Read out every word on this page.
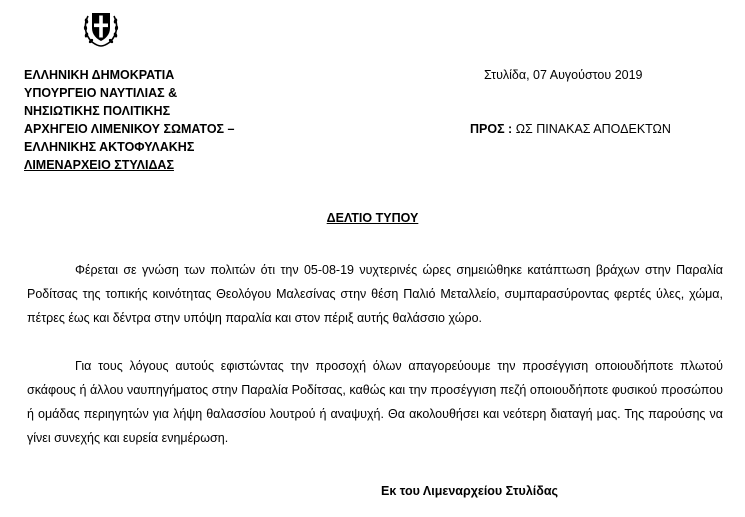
ΕΛΛΗΝΙΚΗ ΔΗΜΟΚΡΑΤΙΑ
ΥΠΟΥΡΓΕΙΟ ΝΑΥΤΙΛΙΑΣ &
ΝΗΣΙΩΤΙΚΗΣ ΠΟΛΙΤΙΚΗΣ
ΑΡΧΗΓΕΙΟ ΛΙΜΕΝΙΚΟΥ ΣΩΜΑΤΟΣ –
ΕΛΛΗΝΙΚΗΣ ΑΚΤΟΦΥΛΑΚΗΣ
ΛΙΜΕΝΑΡΧΕΙΟ ΣΤΥΛΙΔΑΣ
Στυλίδα, 07 Αυγούστου 2019
ΠΡΟΣ : ΩΣ ΠΙΝΑΚΑΣ ΑΠΟΔΕΚΤΩΝ
ΔΕΛΤΙΟ ΤΥΠΟΥ

Φέρεται σε γνώση των πολιτών ότι την 05-08-19 νυχτερινές ώρες σημειώθηκε κατάπτωση βράχων στην Παραλία Ροδίτσας της τοπικής κοινότητας Θεολόγου Μαλεσίνας στην θέση Παλιό Μεταλλείο, συμπαρασύροντας φερτές ύλες, χώμα, πέτρες έως και δέντρα στην υπόψη παραλία και στον πέριξ αυτής θαλάσσιο χώρο.

Για τους λόγους αυτούς εφιστώντας την προσοχή όλων απαγορεύουμε την προσέγγιση οποιουδήποτε πλωτού σκάφους ή άλλου ναυπηγήματος στην Παραλία Ροδίτσας, καθώς και την προσέγγιση πεζή οποιουδήποτε φυσικού προσώπου ή ομάδας περιηγητών για λήψη θαλασσίου λουτρού ή αναψυχή. Θα ακολουθήσει και νεότερη διαταγή μας. Της παρούσης να γίνει συνεχής και ευρεία ενημέρωση.

Εκ του Λιμεναρχείου Στυλίδας
